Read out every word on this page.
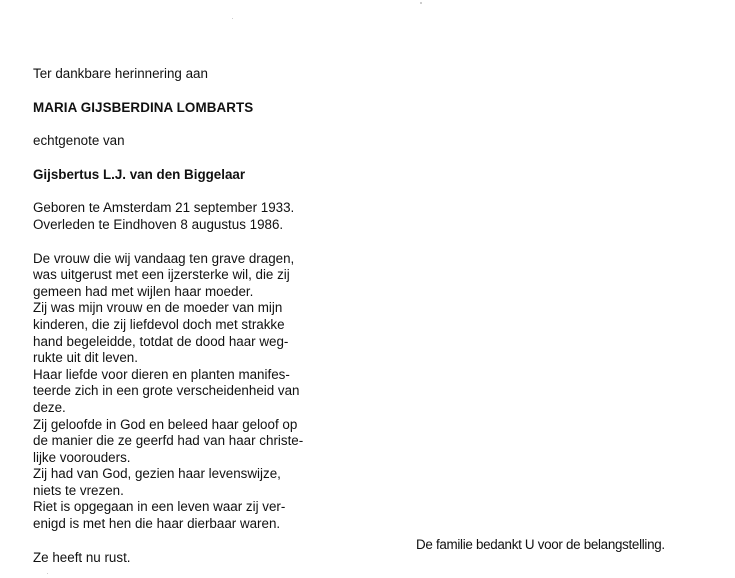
Ter dankbare herinnering aan
MARIA GIJSBERDINA LOMBARTS
echtgenote van
Gijsbertus L.J. van den Biggelaar
Geboren te Amsterdam 21 september 1933.
Overleden te Eindhoven 8 augustus 1986.
De vrouw die wij vandaag ten grave dragen,
was uitgerust met een ijzersterke wil, die zij
gemeen had met wijlen haar moeder.
Zij was mijn vrouw en de moeder van mijn
kinderen, die zij liefdevol doch met strakke
hand begeleidde, totdat de dood haar weg-
rukte uit dit leven.
Haar liefde voor dieren en planten manifes-
teerde zich in een grote verscheidenheid van
deze.
Zij geloofde in God en beleed haar geloof op
de manier die ze geerfd had van haar christe-
lijke voorouders.
Zij had van God, gezien haar levenswijze,
niets te vrezen.
Riet is opgegaan in een leven waar zij ver-
enigd is met hen die haar dierbaar waren.
Ze heeft nu rust.
De familie bedankt U voor de belangstelling.
